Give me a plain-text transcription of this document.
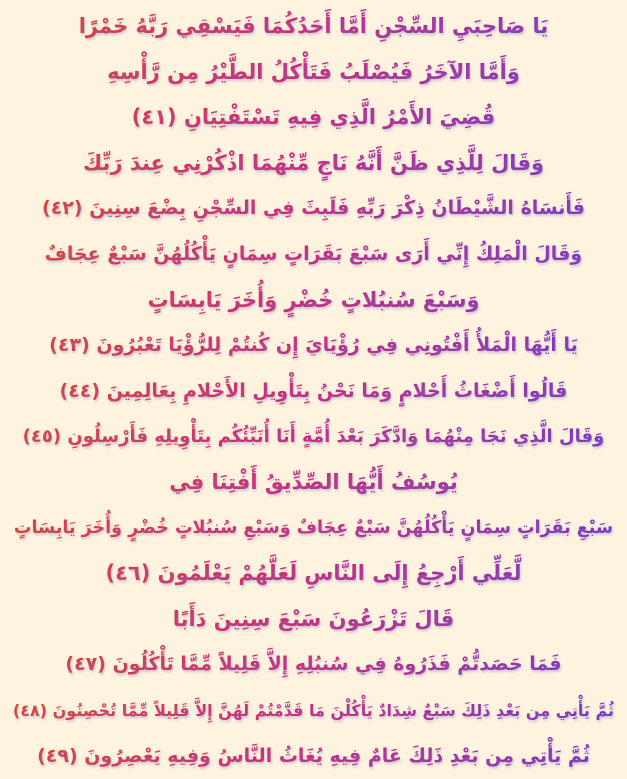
يَا صَاحِبَيِ السِّجْنِ أَمَّا أَحَدُكُمَا فَيَسْقِي رَبَّهُ خَمْرًا
وَأَمَّا الآخَرُ فَيُصْلَبُ فَتَأْكُلُ الطَّيْرُ مِن رَّأْسِهِ
قُضِيَ الأَمْرُ الَّذِي فِيهِ تَسْتَفْتِيَانِ (٤١)
وَقَالَ لِلَّذِي ظَنَّ أَنَّهُ نَاجٍ مِّنْهُمَا اذْكُرْنِي عِندَ رَبِّكَ
فَأَنسَاهُ الشَّيْطَانُ ذِكْرَ رَبِّهِ فَلَبِثَ فِي السِّجْنِ بِضْعَ سِنِينَ (٤٢)
وَقَالَ الْمَلِكُ إِنِّي أَرَى سَبْعَ بَقَرَاتٍ سِمَانٍ يَأْكُلُهُنَّ سَبْعٌ عِجَافٌ
وَسَبْعَ سُنبُلاتٍ خُضْرٍ وَأُخَرَ يَابِسَاتٍ
يَا أَيُّهَا الْمَلأُ أَفْتُونِي فِي رُؤْيَايَ إِن كُنتُمْ لِلرُّؤْيَا تَعْبُرُونَ (٤٣)
قَالُوا أَضْغَاثُ أَحْلامٍ وَمَا نَحْنُ بِتَأْوِيلِ الأَحْلامِ بِعَالِمِينَ (٤٤)
وَقَالَ الَّذِي نَجَا مِنْهُمَا وَادَّكَرَ بَعْدَ أُمَّةٍ أَنَا أُنَبِّئُكُم بِتَأْوِيلِهِ فَأَرْسِلُونِ (٤٥)
يُوسُفُ أَيُّهَا الصِّدِّيقُ أَفْتِنَا فِي
سَبْعِ بَقَرَاتٍ سِمَانٍ يَأْكُلُهُنَّ سَبْعٌ عِجَافٌ وَسَبْعِ سُنبُلاتٍ خُضْرٍ وَأُخَرَ يَابِسَاتٍ
لَّعَلِّي أَرْجِعُ إِلَى النَّاسِ لَعَلَّهُمْ يَعْلَمُونَ (٤٦)
قَالَ تَزْرَعُونَ سَبْعَ سِنِينَ دَأَبًا
فَمَا حَصَدتُّمْ فَذَرُوهُ فِي سُنبُلِهِ إِلاَّ قَلِيلاً مِّمَّا تَأْكُلُونَ (٤٧)
ثُمَّ يَأْتِي مِن بَعْدِ ذَلِكَ سَبْعٌ شِدَادٌ يَأْكُلْنَ مَا قَدَّمْتُمْ لَهُنَّ إِلاَّ قَلِيلاً مِّمَّا تُحْصِنُونَ (٤٨)
ثُمَّ يَأْتِي مِن بَعْدِ ذَلِكَ عَامٌ فِيهِ يُغَاثُ النَّاسُ وَفِيهِ يَعْصِرُونَ (٤٩)
